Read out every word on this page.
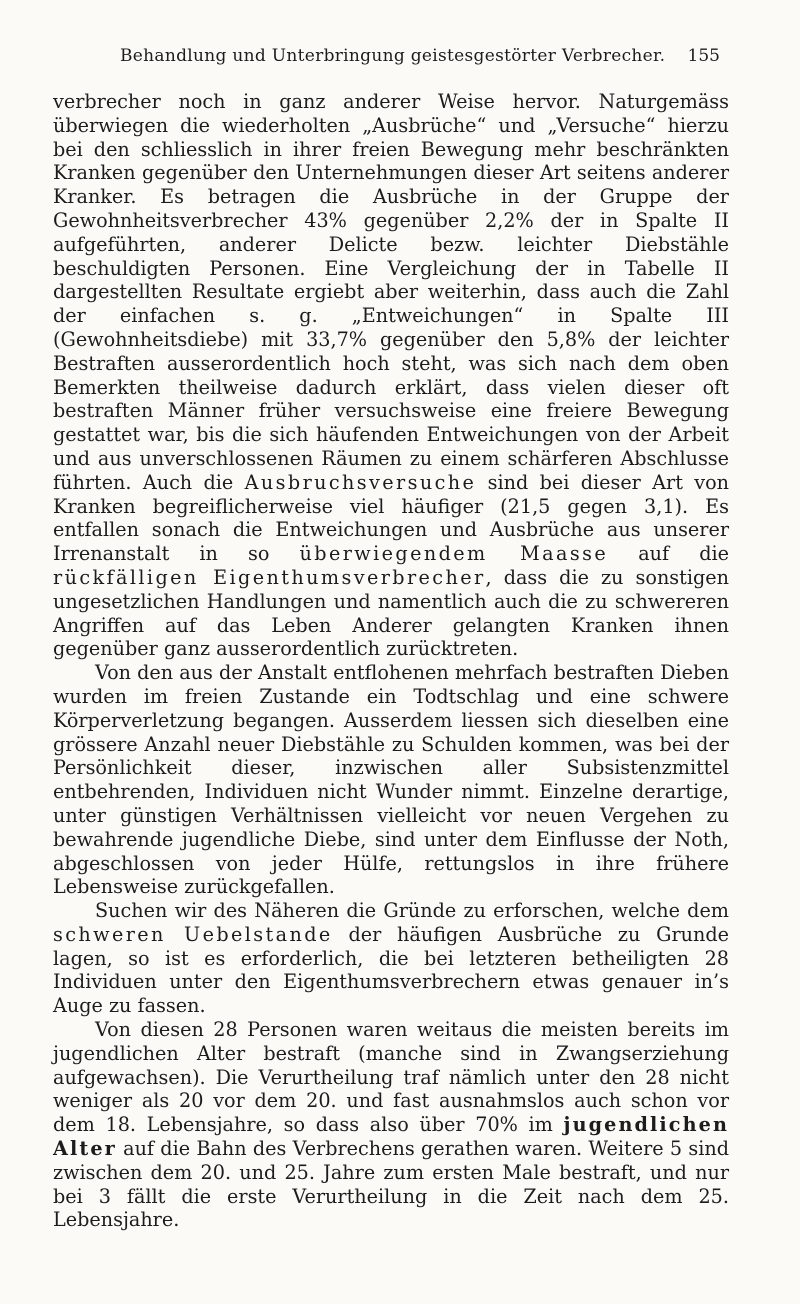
Behandlung und Unterbringung geistesgestörter Verbrecher. 155

verbrecher noch in ganz anderer Weise hervor. Naturgemäss überwiegen die wiederholten „Ausbrüche“ und „Versuche“ hierzu bei den schliesslich in ihrer freien Bewegung mehr beschränkten Kranken gegenüber den Unternehmungen dieser Art seitens anderer Kranker. Es betragen die Ausbrüche in der Gruppe der Gewohnheitsverbrecher 43% gegenüber 2,2% der in Spalte II aufgeführten, anderer Delicte bezw. leichter Diebstähle beschuldigten Personen. Eine Vergleichung der in Tabelle II dargestellten Resultate ergiebt aber weiterhin, dass auch die Zahl der einfachen s. g. „Entweichungen“ in Spalte III (Gewohnheitsdiebe) mit 33,7% gegenüber den 5,8% der leichter Bestraften ausserordentlich hoch steht, was sich nach dem oben Bemerkten theilweise dadurch erklärt, dass vielen dieser oft bestraften Männer früher versuchsweise eine freiere Bewegung gestattet war, bis die sich häufenden Entweichungen von der Arbeit und aus unverschlossenen Räumen zu einem schärferen Abschlusse führten. Auch die Ausbruchsversuche sind bei dieser Art von Kranken begreiflicherweise viel häufiger (21,5 gegen 3,1). Es entfallen sonach die Entweichungen und Ausbrüche aus unserer Irrenanstalt in so überwiegendem Maasse auf die rückfälligen Eigenthumsverbrecher, dass die zu sonstigen ungesetzlichen Handlungen und namentlich auch die zu schwereren Angriffen auf das Leben Anderer gelangten Kranken ihnen gegenüber ganz ausserordentlich zurücktreten.

Von den aus der Anstalt entflohenen mehrfach bestraften Dieben wurden im freien Zustande ein Todtschlag und eine schwere Körperverletzung begangen. Ausserdem liessen sich dieselben eine grössere Anzahl neuer Diebstähle zu Schulden kommen, was bei der Persönlichkeit dieser, inzwischen aller Subsistenzmittel entbehrenden, Individuen nicht Wunder nimmt. Einzelne derartige, unter günstigen Verhältnissen vielleicht vor neuen Vergehen zu bewahrende jugendliche Diebe, sind unter dem Einflusse der Noth, abgeschlossen von jeder Hülfe, rettungslos in ihre frühere Lebensweise zurückgefallen.

Suchen wir des Näheren die Gründe zu erforschen, welche dem schweren Uebelstande der häufigen Ausbrüche zu Grunde lagen, so ist es erforderlich, die bei letzteren betheiligten 28 Individuen unter den Eigenthumsverbrechern etwas genauer in’s Auge zu fassen.

Von diesen 28 Personen waren weitaus die meisten bereits im jugendlichen Alter bestraft (manche sind in Zwangserziehung aufgewachsen). Die Verurtheilung traf nämlich unter den 28 nicht weniger als 20 vor dem 20. und fast ausnahmslos auch schon vor dem 18. Lebensjahre, so dass also über 70% im jugendlichen Alter auf die Bahn des Verbrechens gerathen waren. Weitere 5 sind zwischen dem 20. und 25. Jahre zum ersten Male bestraft, und nur bei 3 fällt die erste Verurtheilung in die Zeit nach dem 25. Lebensjahre.
